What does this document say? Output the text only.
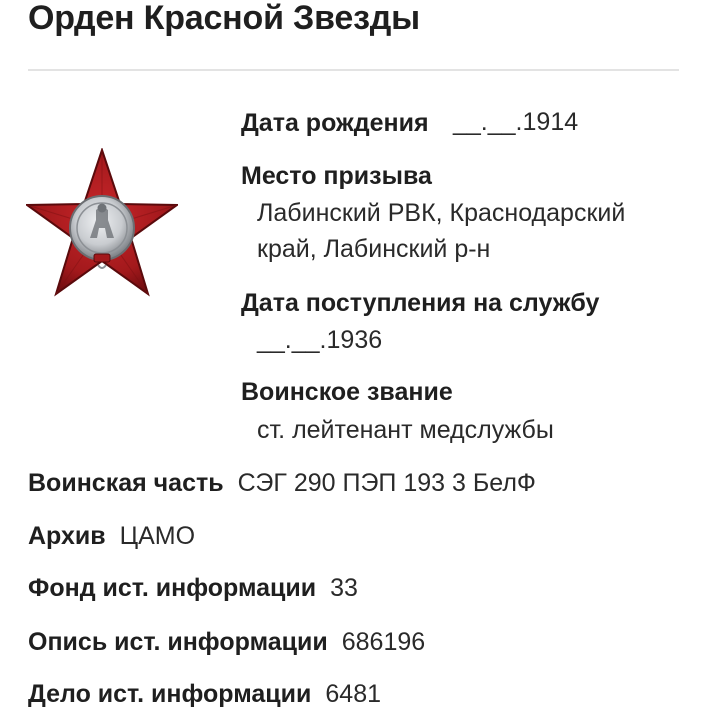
Орден Красной Звезды
Дата рождения __.__.1914
Место призыва
Лабинский РВК, Краснодарский
край, Лабинский р-н
Дата поступления на службу
__.__.1936
Воинское звание
ст. лейтенант медслужбы
Воинская часть СЭГ 290 ПЭП 193 3 БелФ
Архив ЦАМО
Фонд ист. информации 33
Опись ист. информации 686196
Дело ист. информации 6481
